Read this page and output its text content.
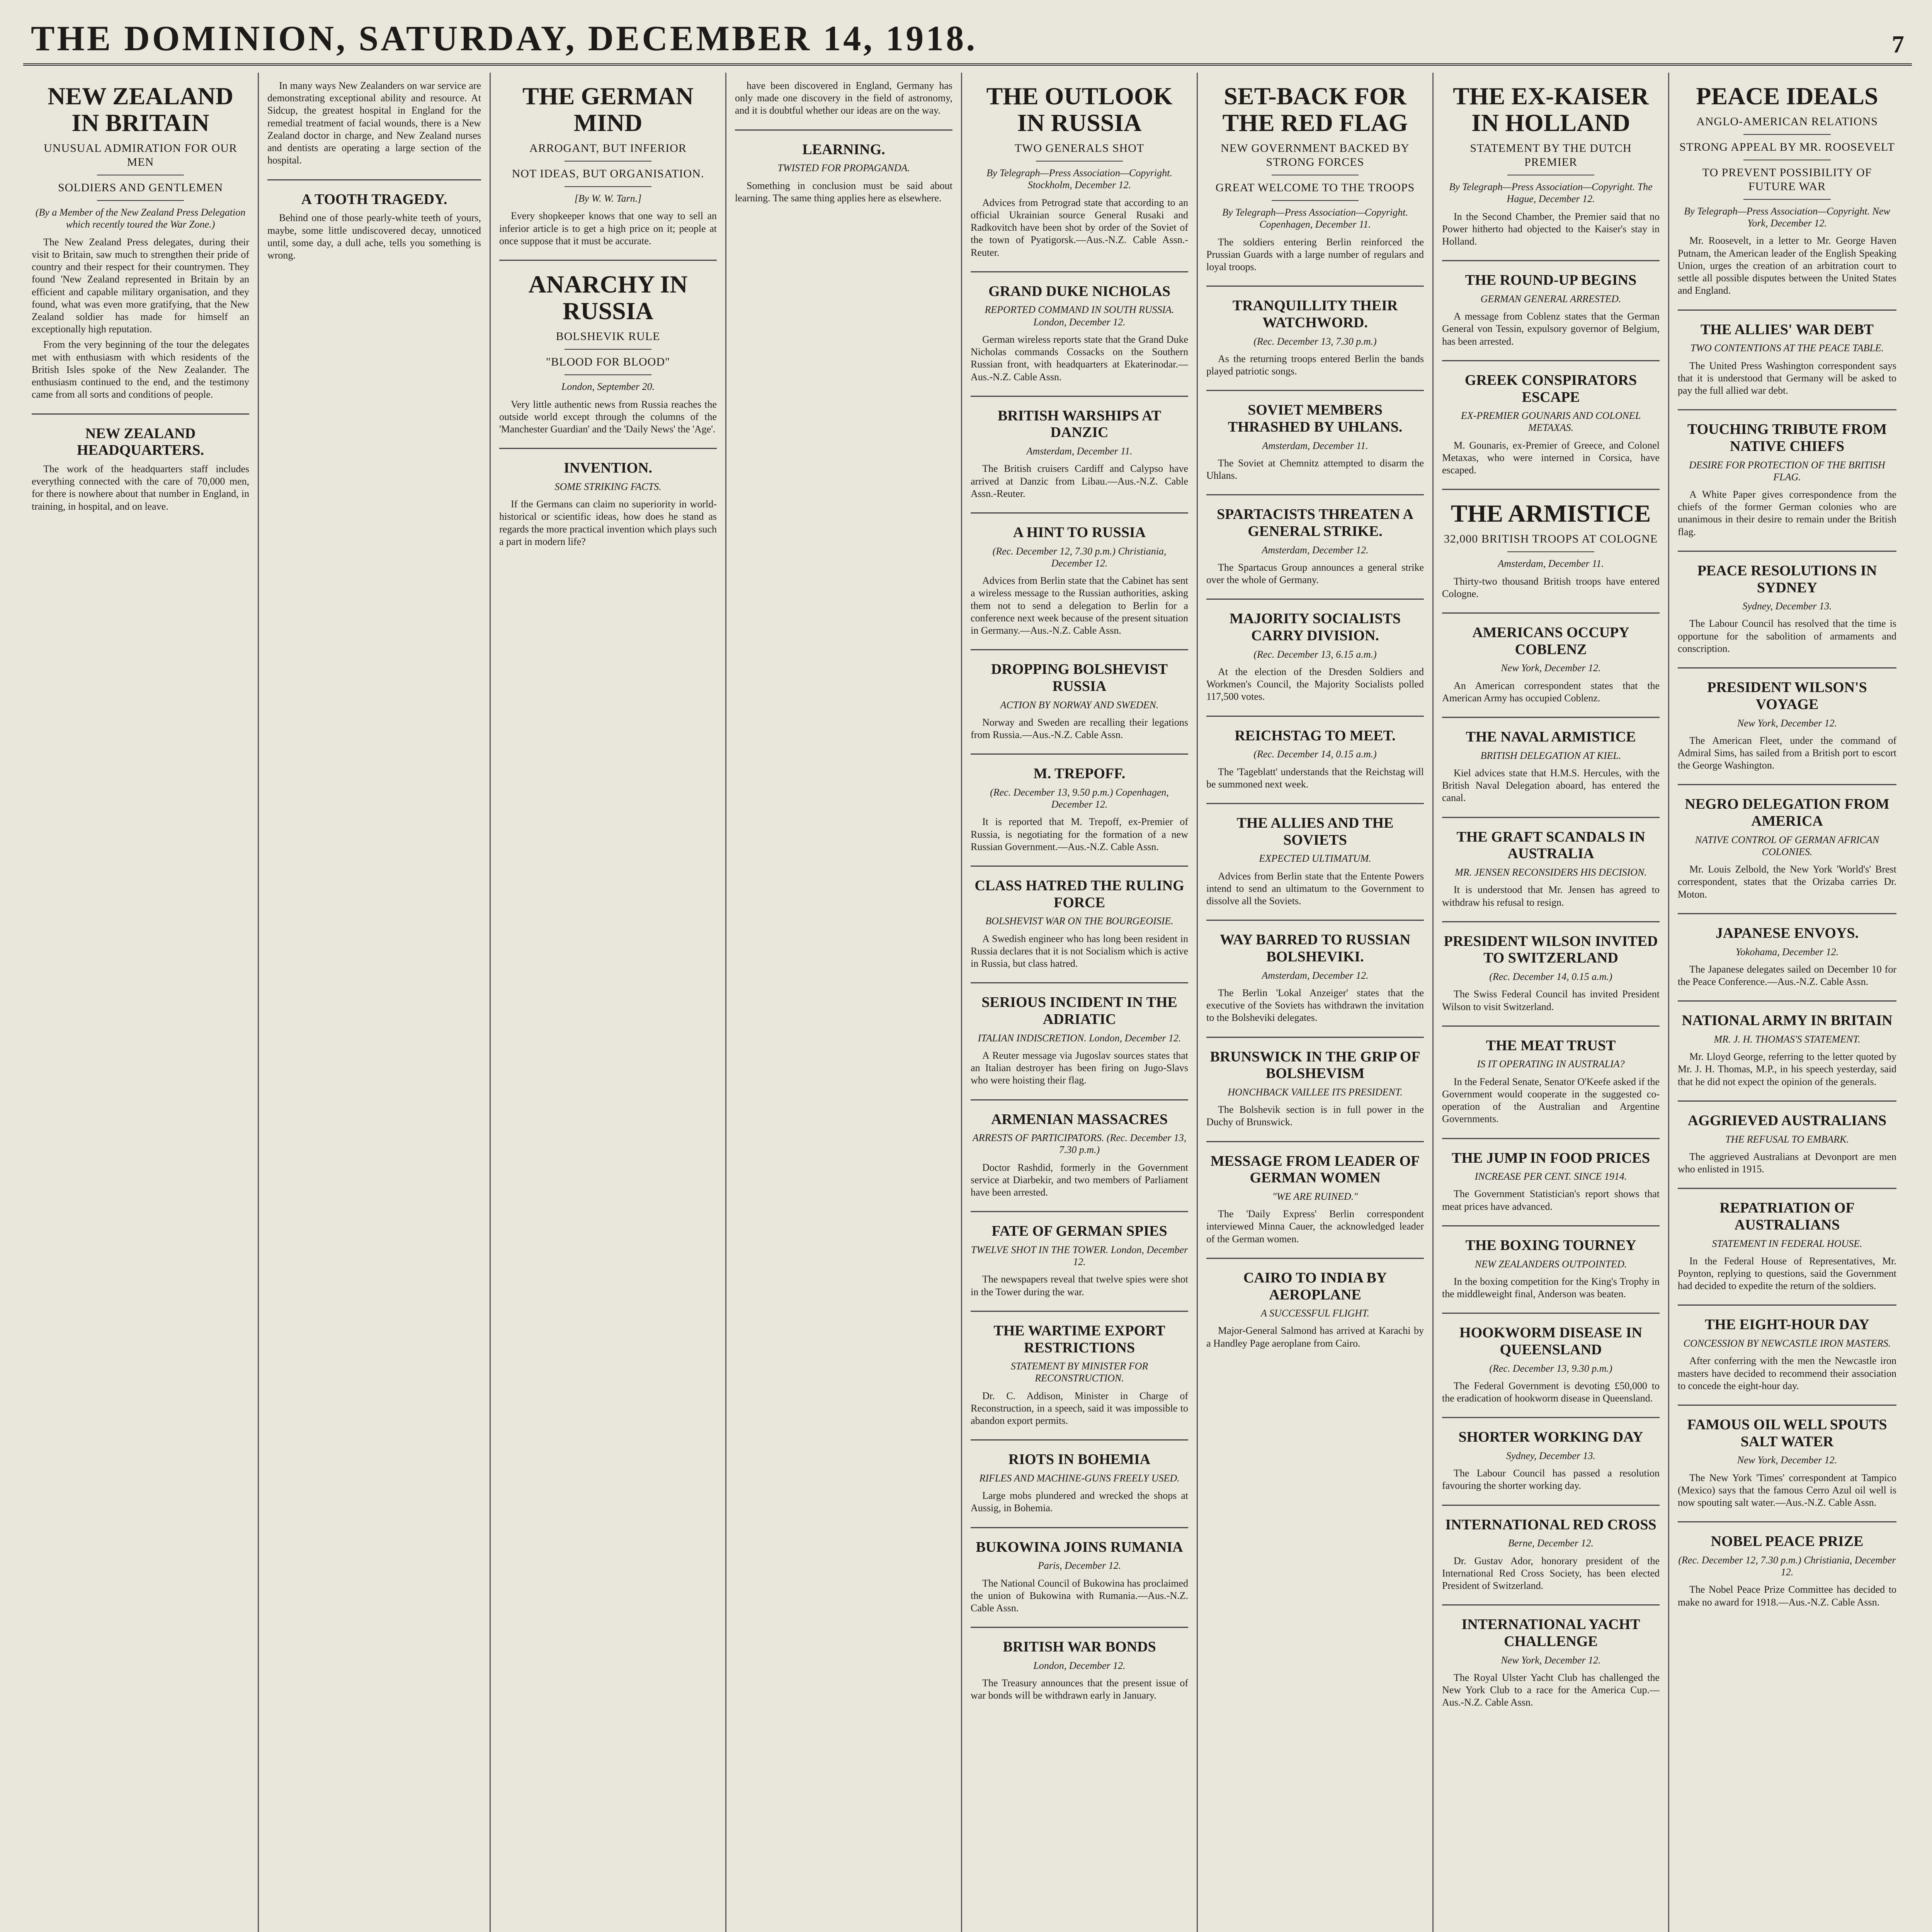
THE DOMINION, SATURDAY, DECEMBER 14, 1918.	7
NEW ZEALAND IN BRITAIN
UNUSUAL ADMIRATION FOR OUR MEN
SOLDIERS AND GENTLEMEN
(By a Member of the New Zealand Press Delegation which recently toured the War Zone.)

The New Zealand Press delegates, during their visit to Britain, saw much to strengthen their pride of country and their respect for their countrymen. They found 'New Zealand represented in Britain by an efficient and capable military organisation, and they found, what was even more gratifying, that the New Zealand soldier has made for himself an exceptionally high reputation.

From the very beginning of the tour the delegates met with enthusiasm with which residents of the British Isles spoke of the New Zealander. The enthusiasm continued to the end, and the testimony came from all sorts and conditions of people.

NEW ZEALAND HEADQUARTERS.

The work of the headquarters staff includes everything connected with the care of 70,000 men, for there is nowhere about that number in England, in training, in hospital, and on leave.

In many ways New Zealanders on war service are demonstrating exceptional ability and resource. At Sidcup, the greatest hospital in England for the remedial treatment of facial wounds, there is a New Zealand doctor in charge, and New Zealand nurses and dentists are operating a large section of the hospital.

A TOOTH TRAGEDY.

Behind one of those pearly-white teeth of yours, maybe, some little undiscovered decay, unnoticed until, some day, a dull ache, tells you something is wrong.

THE GERMAN MIND
ARROGANT, BUT INFERIOR
NOT IDEAS, BUT ORGANISATION.
[By W. W. Tarn.]

Every shopkeeper knows that one way to sell an inferior article is to get a high price on it; people at once suppose that it must be accurate.

ANARCHY IN RUSSIA
BOLSHEVIK RULE
"BLOOD FOR BLOOD"
London, September 20.

Very little authentic news from Russia reaches the outside world except through the columns of the 'Manchester Guardian' and the 'Daily News' the 'Age'.

INVENTION.
SOME STRIKING FACTS.

If the Germans can claim no superiority in world-historical or scientific ideas, how does he stand as regards the more practical invention which plays such a part in modern life?

have been discovered in England, Germany has only made one discovery in the field of astronomy, and it is doubtful whether our ideas are on the way.

LEARNING.
TWISTED FOR PROPAGANDA.

Something in conclusion must be said about learning. The same thing applies here as elsewhere.

THE OUTLOOK IN RUSSIA
TWO GENERALS SHOT
By Telegraph—Press Association—Copyright. Stockholm, December 12.

Advices from Petrograd state that according to an official Ukrainian source General Rusaki and Radkovitch have been shot by order of the Soviet of the town of Pyatigorsk.—Aus.-N.Z. Cable Assn.-Reuter.

GRAND DUKE NICHOLAS
REPORTED COMMAND IN SOUTH RUSSIA. London, December 12.

German wireless reports state that the Grand Duke Nicholas commands Cossacks on the Southern Russian front, with headquarters at Ekaterinodar.—Aus.-N.Z. Cable Assn.

BRITISH WARSHIPS AT DANZIC
Amsterdam, December 11.

The British cruisers Cardiff and Calypso have arrived at Danzic from Libau.—Aus.-N.Z. Cable Assn.-Reuter.

A HINT TO RUSSIA
(Rec. December 12, 7.30 p.m.) Christiania, December 12.

Advices from Berlin state that the Cabinet has sent a wireless message to the Russian authorities, asking them not to send a delegation to Berlin for a conference next week because of the present situation in Germany.—Aus.-N.Z. Cable Assn.

DROPPING BOLSHEVIST RUSSIA
ACTION BY NORWAY AND SWEDEN.

Norway and Sweden are recalling their legations from Russia.—Aus.-N.Z. Cable Assn.

M. TREPOFF.
(Rec. December 13, 9.50 p.m.) Copenhagen, December 12.

It is reported that M. Trepoff, ex-Premier of Russia, is negotiating for the formation of a new Russian Government.—Aus.-N.Z. Cable Assn.

CLASS HATRED THE RULING FORCE
BOLSHEVIST WAR ON THE BOURGEOISIE.

A Swedish engineer who has long been resident in Russia declares that it is not Socialism which is active in Russia, but class hatred.

SERIOUS INCIDENT IN THE ADRIATIC
ITALIAN INDISCRETION. London, December 12.

A Reuter message via Jugoslav sources states that an Italian destroyer has been firing on Jugo-Slavs who were hoisting their flag.

ARMENIAN MASSACRES
ARRESTS OF PARTICIPATORS. (Rec. December 13, 7.30 p.m.)

Doctor Rashdid, formerly in the Government service at Diarbekir, and two members of Parliament have been arrested.

FATE OF GERMAN SPIES
TWELVE SHOT IN THE TOWER. London, December 12.

The newspapers reveal that twelve spies were shot in the Tower during the war.

THE WARTIME EXPORT RESTRICTIONS
STATEMENT BY MINISTER FOR RECONSTRUCTION.

Dr. C. Addison, Minister in Charge of Reconstruction, in a speech, said it was impossible to abandon export permits.

RIOTS IN BOHEMIA
RIFLES AND MACHINE-GUNS FREELY USED.

Large mobs plundered and wrecked the shops at Aussig, in Bohemia.

BUKOWINA JOINS RUMANIA
Paris, December 12.

The National Council of Bukowina has proclaimed the union of Bukowina with Rumania.—Aus.-N.Z. Cable Assn.

BRITISH WAR BONDS
London, December 12.

The Treasury announces that the present issue of war bonds will be withdrawn early in January.

SET-BACK FOR THE RED FLAG
NEW GOVERNMENT BACKED BY STRONG FORCES
GREAT WELCOME TO THE TROOPS
By Telegraph—Press Association—Copyright. Copenhagen, December 11.

The soldiers entering Berlin reinforced the Prussian Guards with a large number of regulars and loyal troops.

TRANQUILLITY THEIR WATCHWORD.
(Rec. December 13, 7.30 p.m.)

As the returning troops entered Berlin the bands played patriotic songs.

SOVIET MEMBERS THRASHED BY UHLANS.
Amsterdam, December 11.

The Soviet at Chemnitz attempted to disarm the Uhlans.

SPARTACISTS THREATEN A GENERAL STRIKE.
Amsterdam, December 12.

The Spartacus Group announces a general strike over the whole of Germany.

MAJORITY SOCIALISTS CARRY DIVISION.
(Rec. December 13, 6.15 a.m.)

At the election of the Dresden Soldiers and Workmen's Council, the Majority Socialists polled 117,500 votes.

REICHSTAG TO MEET.
(Rec. December 14, 0.15 a.m.)

The 'Tageblatt' understands that the Reichstag will be summoned next week.

THE ALLIES AND THE SOVIETS
EXPECTED ULTIMATUM.

Advices from Berlin state that the Entente Powers intend to send an ultimatum to the Government to dissolve all the Soviets.

WAY BARRED TO RUSSIAN BOLSHEVIKI.
Amsterdam, December 12.

The Berlin 'Lokal Anzeiger' states that the executive of the Soviets has withdrawn the invitation to the Bolsheviki delegates.

BRUNSWICK IN THE GRIP OF BOLSHEVISM
HONCHBACK VAILLEE ITS PRESIDENT.

The Bolshevik section is in full power in the Duchy of Brunswick.

MESSAGE FROM LEADER OF GERMAN WOMEN
"WE ARE RUINED."

The 'Daily Express' Berlin correspondent interviewed Minna Cauer, the acknowledged leader of the German women.

CAIRO TO INDIA BY AEROPLANE
A SUCCESSFUL FLIGHT.

Major-General Salmond has arrived at Karachi by a Handley Page aeroplane from Cairo.

THE EX-KAISER IN HOLLAND
STATEMENT BY THE DUTCH PREMIER
By Telegraph—Press Association—Copyright. The Hague, December 12.

In the Second Chamber, the Premier said that no Power hitherto had objected to the Kaiser's stay in Holland.

THE ROUND-UP BEGINS
GERMAN GENERAL ARRESTED.

A message from Coblenz states that the German General von Tessin, expulsory governor of Belgium, has been arrested.

GREEK CONSPIRATORS ESCAPE
EX-PREMIER GOUNARIS AND COLONEL METAXAS.

M. Gounaris, ex-Premier of Greece, and Colonel Metaxas, who were interned in Corsica, have escaped.

THE ARMISTICE
32,000 BRITISH TROOPS AT COLOGNE
Amsterdam, December 11.

Thirty-two thousand British troops have entered Cologne.

AMERICANS OCCUPY COBLENZ
New York, December 12.

An American correspondent states that the American Army has occupied Coblenz.

THE NAVAL ARMISTICE
BRITISH DELEGATION AT KIEL.

Kiel advices state that H.M.S. Hercules, with the British Naval Delegation aboard, has entered the canal.

THE GRAFT SCANDALS IN AUSTRALIA
MR. JENSEN RECONSIDERS HIS DECISION.

It is understood that Mr. Jensen has agreed to withdraw his refusal to resign.

PRESIDENT WILSON INVITED TO SWITZERLAND
(Rec. December 14, 0.15 a.m.)

The Swiss Federal Council has invited President Wilson to visit Switzerland.

THE MEAT TRUST
IS IT OPERATING IN AUSTRALIA?

In the Federal Senate, Senator O'Keefe asked if the Government would cooperate in the suggested co-operation of the Australian and Argentine Governments.

THE JUMP IN FOOD PRICES
INCREASE PER CENT. SINCE 1914.

The Government Statistician's report shows that meat prices have advanced.

THE BOXING TOURNEY
NEW ZEALANDERS OUTPOINTED.

In the boxing competition for the King's Trophy in the middleweight final, Anderson was beaten.

HOOKWORM DISEASE IN QUEENSLAND
(Rec. December 13, 9.30 p.m.)

The Federal Government is devoting £50,000 to the eradication of hookworm disease in Queensland.

SHORTER WORKING DAY
Sydney, December 13.

The Labour Council has passed a resolution favouring the shorter working day.

INTERNATIONAL RED CROSS
Berne, December 12.

Dr. Gustav Ador, honorary president of the International Red Cross Society, has been elected President of Switzerland.

INTERNATIONAL YACHT CHALLENGE
New York, December 12.

The Royal Ulster Yacht Club has challenged the New York Club to a race for the America Cup.—Aus.-N.Z. Cable Assn.

PEACE IDEALS
ANGLO-AMERICAN RELATIONS
STRONG APPEAL BY MR. ROOSEVELT
TO PREVENT POSSIBILITY OF FUTURE WAR
By Telegraph—Press Association—Copyright. New York, December 12.

Mr. Roosevelt, in a letter to Mr. George Haven Putnam, the American leader of the English Speaking Union, urges the creation of an arbitration court to settle all possible disputes between the United States and England.

THE ALLIES' WAR DEBT
TWO CONTENTIONS AT THE PEACE TABLE.

The United Press Washington correspondent says that it is understood that Germany will be asked to pay the full allied war debt.

TOUCHING TRIBUTE FROM NATIVE CHIEFS
DESIRE FOR PROTECTION OF THE BRITISH FLAG.

A White Paper gives correspondence from the chiefs of the former German colonies who are unanimous in their desire to remain under the British flag.

PEACE RESOLUTIONS IN SYDNEY
Sydney, December 13.

The Labour Council has resolved that the time is opportune for the sabolition of armaments and conscription.

PRESIDENT WILSON'S VOYAGE
New York, December 12.

The American Fleet, under the command of Admiral Sims, has sailed from a British port to escort the George Washington.

NEGRO DELEGATION FROM AMERICA
NATIVE CONTROL OF GERMAN AFRICAN COLONIES.

Mr. Louis Zelbold, the New York 'World's' Brest correspondent, states that the Orizaba carries Dr. Moton.

JAPANESE ENVOYS.
Yokohama, December 12.

The Japanese delegates sailed on December 10 for the Peace Conference.—Aus.-N.Z. Cable Assn.

NATIONAL ARMY IN BRITAIN
MR. J. H. THOMAS'S STATEMENT.

Mr. Lloyd George, referring to the letter quoted by Mr. J. H. Thomas, M.P., in his speech yesterday, said that he did not expect the opinion of the generals.

AGGRIEVED AUSTRALIANS
THE REFUSAL TO EMBARK.

The aggrieved Australians at Devonport are men who enlisted in 1915.

REPATRIATION OF AUSTRALIANS
STATEMENT IN FEDERAL HOUSE.

In the Federal House of Representatives, Mr. Poynton, replying to questions, said the Government had decided to expedite the return of the soldiers.

THE EIGHT-HOUR DAY
CONCESSION BY NEWCASTLE IRON MASTERS.

After conferring with the men the Newcastle iron masters have decided to recommend their association to concede the eight-hour day.

FAMOUS OIL WELL SPOUTS SALT WATER
New York, December 12.

The New York 'Times' correspondent at Tampico (Mexico) says that the famous Cerro Azul oil well is now spouting salt water.—Aus.-N.Z. Cable Assn.

NOBEL PEACE PRIZE
(Rec. December 12, 7.30 p.m.) Christiania, December 12.

The Nobel Peace Prize Committee has decided to make no award for 1918.—Aus.-N.Z. Cable Assn.
